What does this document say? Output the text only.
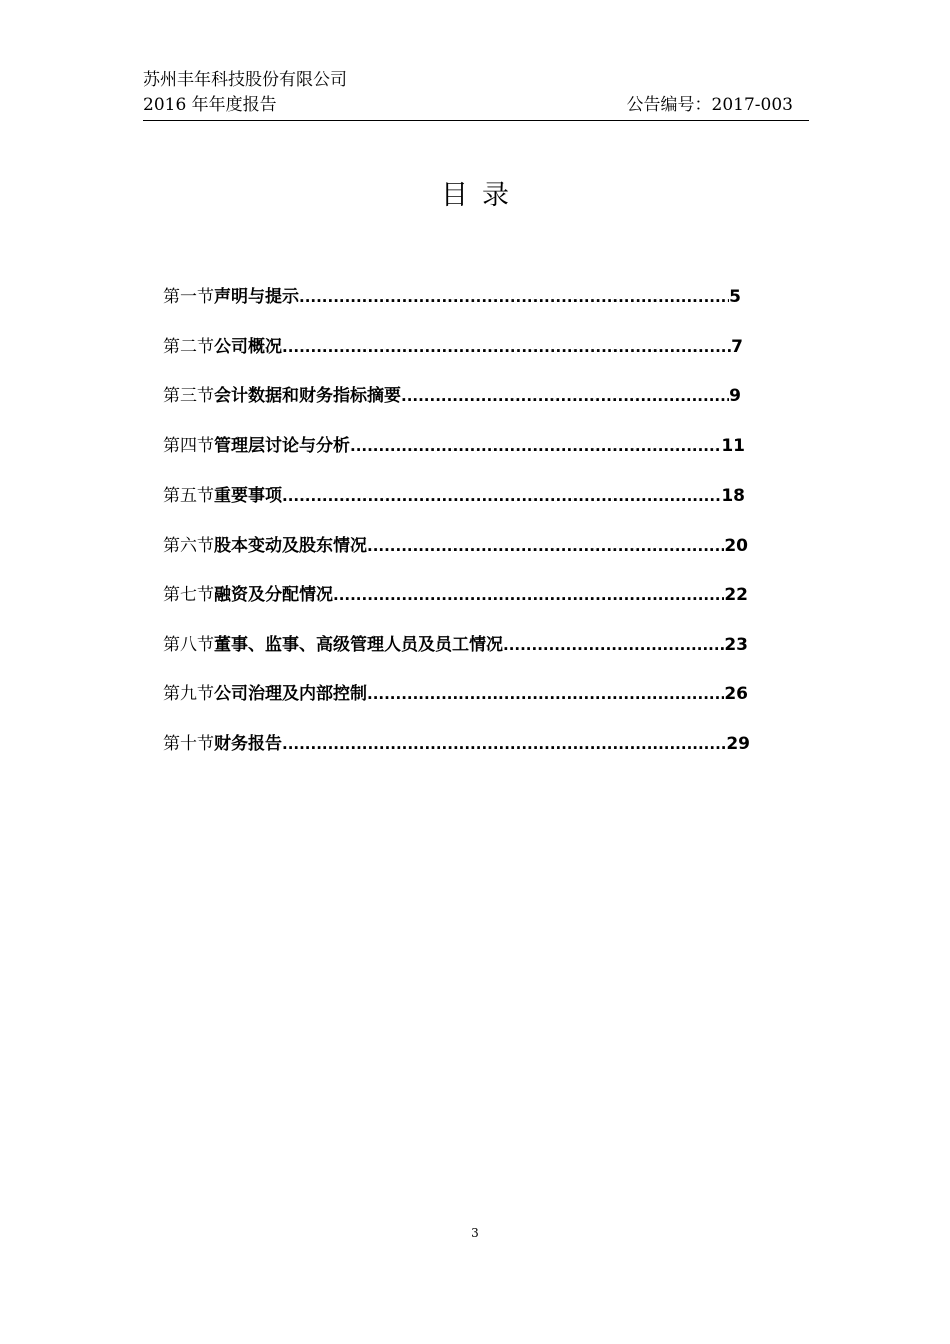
苏州丰年科技股份有限公司
2016 年年度报告	公告编号：2017-003
目录
第一节 声明与提示 .....	5
第二节 公司概况 .....	7
第三节 会计数据和财务指标摘要 .....	9
第四节 管理层讨论与分析 .....	11
第五节 重要事项 .....	18
第六节 股本变动及股东情况 .....	20
第七节 融资及分配情况 .....	22
第八节 董事、监事、高级管理人员及员工情况 .....	23
第九节 公司治理及内部控制 .....	26
第十节 财务报告 .....	29
3
